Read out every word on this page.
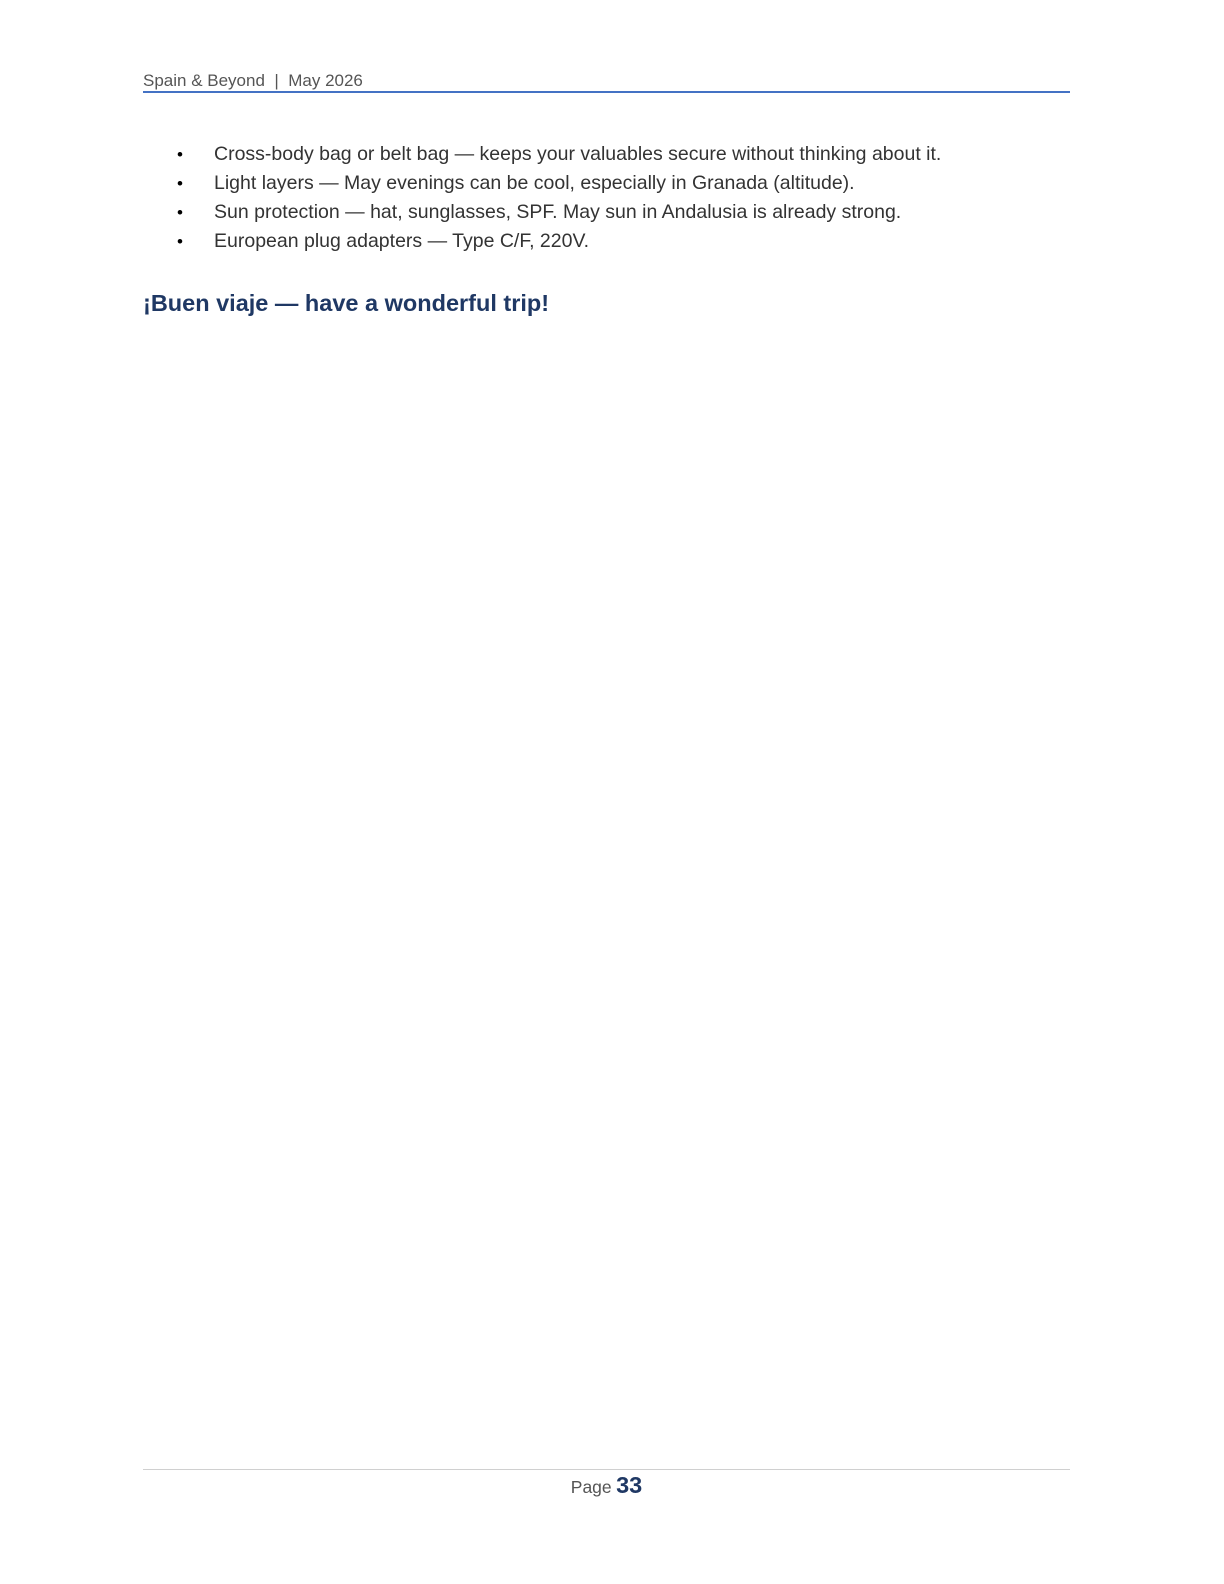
Spain & Beyond  |  May 2026
• Cross-body bag or belt bag — keeps your valuables secure without thinking about it.
• Light layers — May evenings can be cool, especially in Granada (altitude).
• Sun protection — hat, sunglasses, SPF. May sun in Andalusia is already strong.
• European plug adapters — Type C/F, 220V.
¡Buen viaje — have a wonderful trip!
Page 33
